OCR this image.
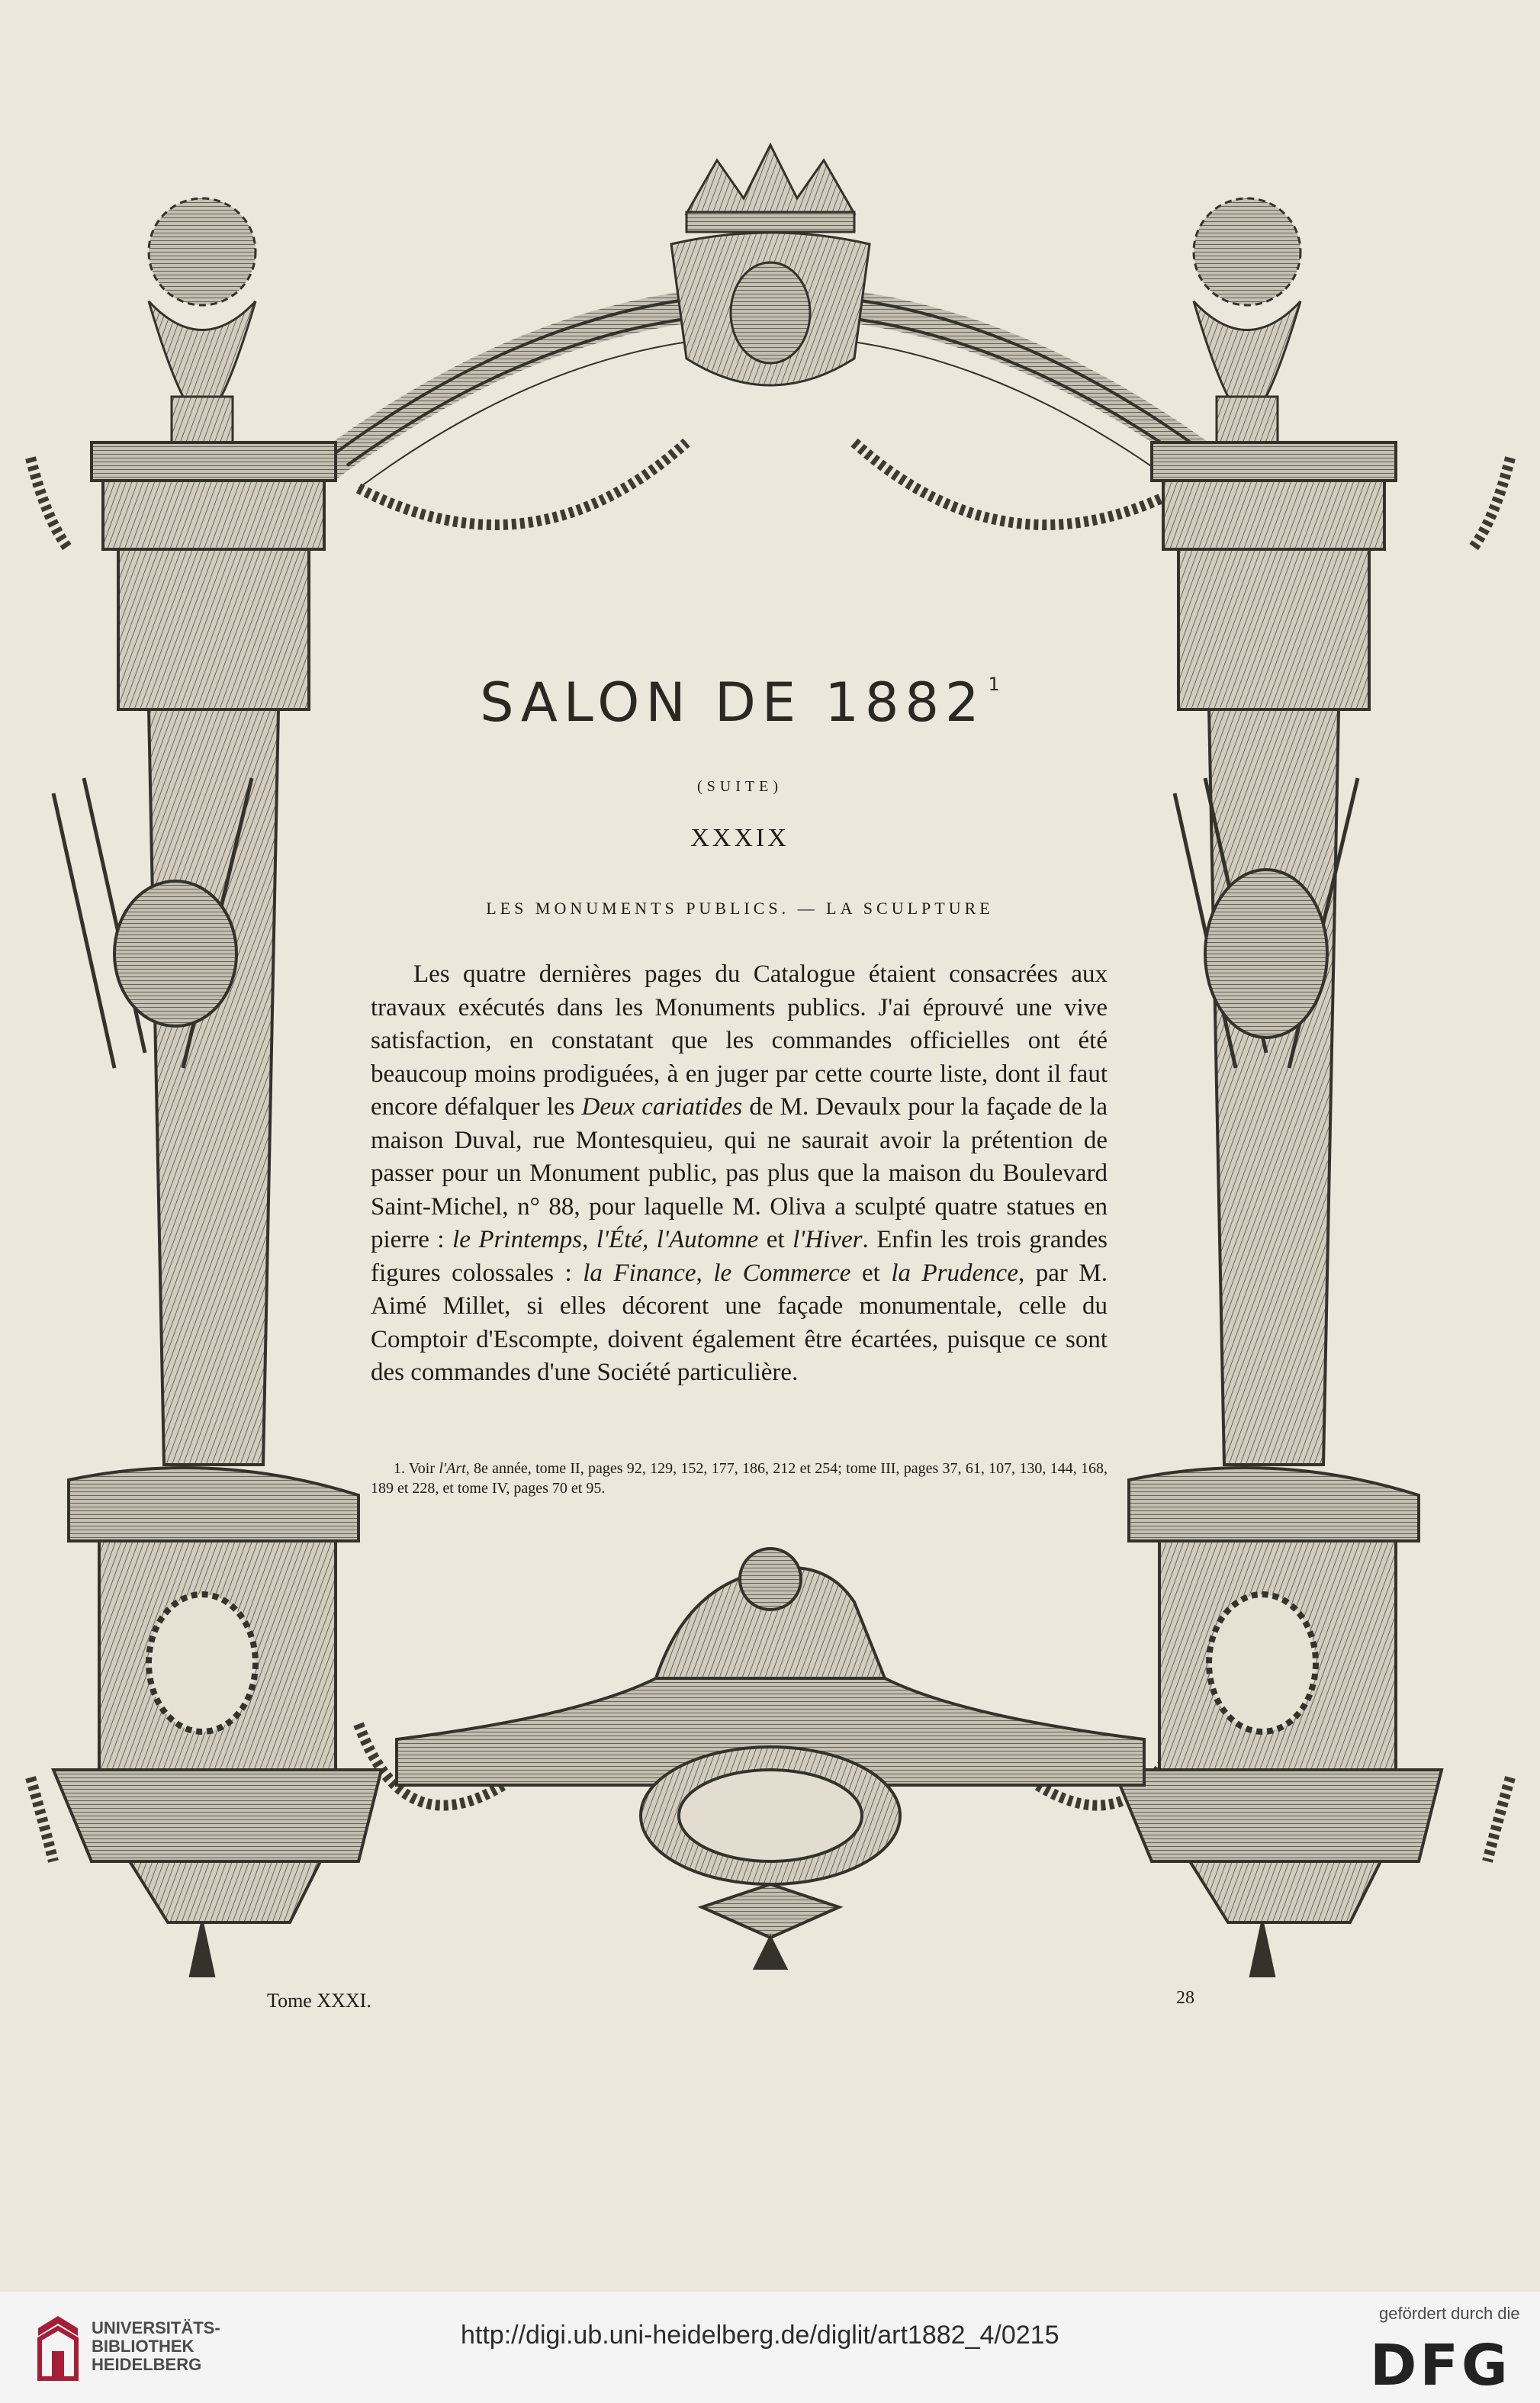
SALON DE 1882 $^1$
(SUITE)
XXXIX
LES MONUMENTS PUBLICS. — LA SCULPTURE

Les quatre dernières pages du Catalogue étaient consacrées aux travaux exécutés dans les Monuments publics. J'ai éprouvé une vive satisfaction, en constatant que les commandes officielles ont été beaucoup moins prodiguées, à en juger par cette courte liste, dont il faut encore défalquer les Deux cariatides de M. Devaulx pour la façade de la maison Duval, rue Montesquieu, qui ne saurait avoir la prétention de passer pour un Monument public, pas plus que la maison du Boulevard Saint-Michel, n° 88, pour laquelle M. Oliva a sculpté quatre statues en pierre : le Printemps, l'Été, l'Automne et l'Hiver. Enfin les trois grandes figures colossales : la Finance, le Commerce et la Prudence, par M. Aimé Millet, si elles décorent une façade monumentale, celle du Comptoir d'Escompte, doivent également être écartées, puisque ce sont des commandes d'une Société particulière.

1. Voir l'Art, 8e année, tome II, pages 92, 129, 152, 177, 186, 212 et 254; tome III, pages 37, 61, 107, 130, 144, 168, 189 et 228, et tome IV, pages 70 et 95.

Tome XXXI.	28
UNIVERSITÄTS-
BIBLIOTHEK
HEIDELBERG
http://digi.ub.uni-heidelberg.de/diglit/art1882_4/0215
gefördert durch die
DFG
